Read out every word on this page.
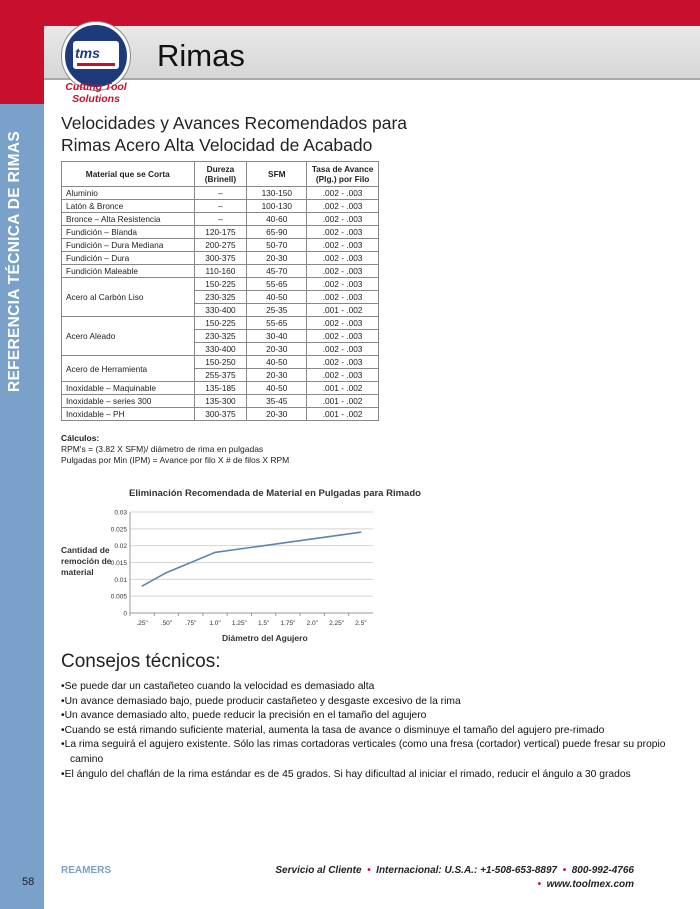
REFERENCIA TÉCNICA DE RIMAS
tms
Cutting Tool
Solutions
Rimas
Velocidades y Avances Recomendados para
Rimas Acero Alta Velocidad de Acabado
Material que se Corta	Dureza (Brinell)	SFM	Tasa de Avance (Plg.) por Filo
Aluminio	–	130-150	.002 - .003
Latón & Bronce	–	100-130	.002 - .003
Bronce – Alta Resistencia	–	40-60	.002 - .003
Fundición – Blanda	120-175	65-90	.002 - .003
Fundición – Dura Mediana	200-275	50-70	.002 - .003
Fundición – Dura	300-375	20-30	.002 - .003
Fundición Maleable	110-160	45-70	.002 - .003
Acero al Carbón Liso	150-225	55-65	.002 - .003
	230-325	40-50	.002 - .003
	330-400	25-35	.001 - .002
Acero Aleado	150-225	55-65	.002 - .003
	230-325	30-40	.002 - .003
	330-400	20-30	.002 - .003
Acero de Herramienta	150-250	40-50	.002 - .003
	255-375	20-30	.002 - .003
Inoxidable – Maquinable	135-185	40-50	.001 - .002
Inoxidable – series 300	135-300	35-45	.001 - .002
Inoxidable – PH	300-375	20-30	.001 - .002
Cálculos:
RPM's = (3.82 X SFM)/ diámetro de rima en pulgadas
Pulgadas por Min (IPM) = Avance por filo X # de filos X RPM
Eliminación Recomendada de Material en Pulgadas para Rimado
Cantidad de remoción de material
0
0.005
0.01
0.015
0.02
0.025
0.03
.25" .50" .75" 1.0" 1.25" 1.5" 1.75" 2.0" 2.25" 2.5"
Diámetro del Agujero
Consejos técnicos:
• Se puede dar un castañeteo cuando la velocidad es demasiado alta
• Un avance demasiado bajo, puede producir castañeteo y desgaste excesivo de la rima
• Un avance demasiado alto, puede reducir la precisión en el tamaño del agujero
• Cuando se está rimando suficiente material, aumenta la tasa de avance o disminuye el tamaño del agujero pre-rimado
• La rima seguirá el agujero existente. Sólo las rimas cortadoras verticales (como una fresa (cortador) vertical) puede fresar su propio camino
• El ángulo del chaflán de la rima estándar es de 45 grados. Si hay dificultad al iniciar el rimado, reducir el ángulo a 30 grados
58
REAMERS	Servicio al Cliente  •  Internacional: U.S.A.: +1-508-653-8897  •  800-992-4766
•  www.toolmex.com
